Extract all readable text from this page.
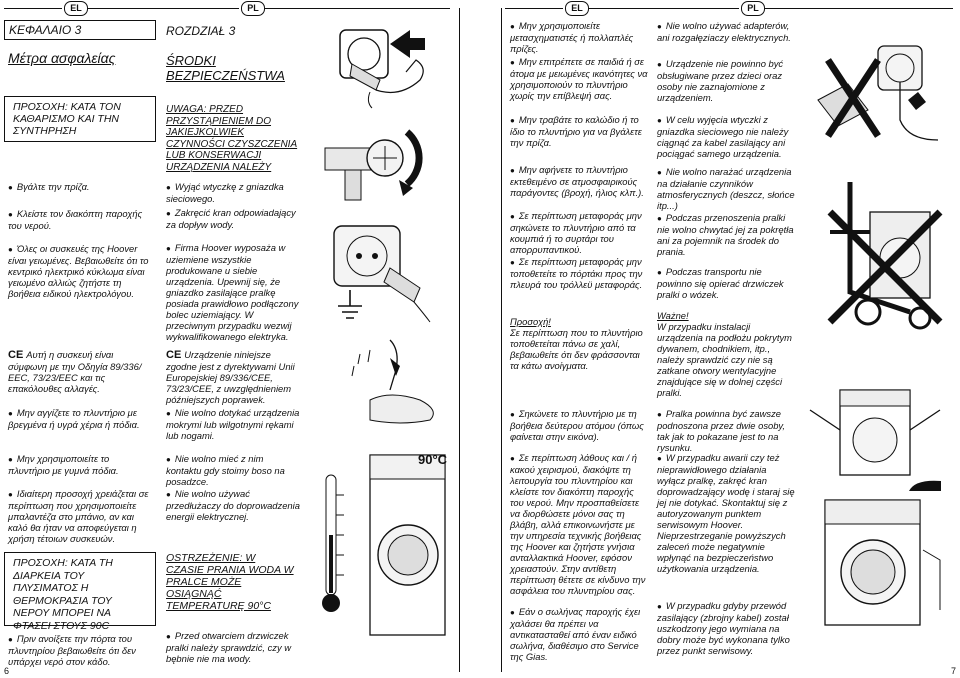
EL	PL	EL	PL
ΚΕΦΑΛΑΙΟ 3
Μέτρα ασφαλείας
ΠΡΟΣΟΧΗ: ΚΑΤΑ ΤΟΝ ΚΑΘΑΡΙΣΜΟ ΚΑΙ ΤΗΝ ΣΥΝΤΗΡΗΣΗ
● Βγάλτε την πρίζα.
● Κλείστε τον διακόπτη παροχής του νερού.
● Όλες οι συσκευές της Hoover είναι γειωμένες. Βεβαιωθείτε ότι το κεντρικό ηλεκτρικό κύκλωμα είναι γειωμένο αλλιώς ζητήστε τη βοήθεια ειδικού ηλεκτρολόγου.
CE Αυτή η συσκευή είναι σύμφωνη με την Οδηγία 89/336/ΕΕC, 73/23/ΕΕC και τις επακόλουθες αλλαγές.
● Μην αγγίζετε το πλυντήριο με βρεγμένα ή υγρά χέρια ή πόδια.
● Μην χρησιμοποιείτε το πλυντήριο με γυμνά πόδια.
● Ιδιαίτερη προσοχή χρειάζεται σε περίπτωση που χρησιμοποιείτε μπαλαντέζα στο μπάνιο, αν και καλό θα ήταν να αποφεύγεται η χρήση τέτοιων συσκευών.
ΠΡΟΣΟΧΗ: ΚΑΤΑ ΤΗ ΔΙΑΡΚΕΙΑ ΤΟΥ ΠΛΥΣΙΜΑΤΟΣ Η ΘΕΡΜΟΚΡΑΣΙΑ ΤΟΥ ΝΕΡΟΥ ΜΠΟΡΕΙ ΝΑ ΦΤΑΣΕΙ ΣΤΟΥΣ 90C
● Πριν ανοίξετε την πόρτα του πλυντηρίου βεβαιωθείτε ότι δεν υπάρχει νερό στον κάδο.
ROZDZIAŁ 3
ŚRODKI BEZPIECZEŃSTWA
UWAGA: PRZED PRZYSTĄPIENIEM DO JAKIEJKOLWIEK CZYNNOŚCI CZYSZCZENIA LUB KONSERWACJI URZĄDZENIA NALEŻY
● Wyjąć wtyczkę z gniazdka sieciowego.
● Zakręcić kran odpowiadający za dopływ wody.
● Firma Hoover wyposaża w uziemiene wszystkie produkowane u siebie urządzenia. Upewnij się, że gniazdko zasilające pralkę posiada prawidłowo podłączony bolec uziemiający. W przeciwnym przypadku wezwij wykwalifikowanego elektryka.
CE Urządzenie niniejsze zgodne jest z dyrektywami Unii Europejskiej 89/336/CEE, 73/23/CEE, z uwzględnieniem późniejszych poprawek.
● Nie wolno dotykać urządzenia mokrymi lub wilgotnymi rękami lub nogami.
● Nie wolno mieć z nim kontaktu gdy stoimy boso na posadzce.
● Nie wolno używać przedłużaczy do doprowadzenia energii elektrycznej.
OSTRZEŻENIE: W CZASIE PRANIA WODA W PRALCE MOŻE OSIĄGNĄĆ TEMPERATURĘ 90°C
● Przed otwarciem drzwiczek pralki należy sprawdzić, czy w bębnie nie ma wody.
90°C
● Μην χρησιμοποιείτε μετασχηματιστές ή πολλαπλές πρίζες.
● Μην επιτρέπετε σε παιδιά ή σε άτομα με μειωμένες ικανότητες να χρησιμοποιούν το πλυντήριο χωρίς την επίβλεψή σας.
● Μην τραβάτε το καλώδιο ή το ίδιο το πλυντήριο για να βγάλετε την πρίζα.
● Μην αφήνετε το πλυντήριο εκτεθειμένο σε ατμοσφαιρικούς παράγοντες (βροχή, ήλιος κλπ.).
● Σε περίπτωση μεταφοράς μην σηκώνετε το πλυντήριο από τα κουμπιά ή το συρτάρι του απορρυπαντικού.
● Σε περίπτωση μεταφοράς μην τοποθετείτε το πόρτάκι προς την πλευρά του τρόλλεϋ μεταφοράς.

Προσοχή!

Σε περίπτωση που το πλυντήριο τοποθετείται πάνω σε χαλί, βεβαιωθείτε ότι δεν φράσσονται τα κάτω ανοίγματα.

● Σηκώνετε το πλυντήριο με τη βοήθεια δεύτερου ατόμου (όπως φαίνεται στην εικόνα).
● Σε περίπτωση λάθους και / ή κακού χειρισμού, διακόψτε τη λειτουργία του πλυντηρίου και κλείστε τον διακόπτη παροχής του νερού. Μην προσπαθείσετε να διορθώσετε μόνοι σας τη βλάβη, αλλά επικοινωνήστε με την υπηρεσία τεχνικής βοήθειας της Hoover και ζητήστε γνήσια ανταλλακτικά Hoover, εφόσον χρειαστούν. Στην αντίθετη περίπτωση θέτετε σε κίνδυνο την ασφάλεια του πλυντηρίου σας.
● Εάν ο σωλήνας παροχής έχει χαλάσει θα πρέπει να αντικατασταθεί από έναν ειδικό σωλήνα, διαθέσιμο στο Service της Gias.
● Nie wolno używać adapterów, ani rozgałęziaczy elektrycznych.
● Urządzenie nie powinno być obsługiwane przez dzieci oraz osoby nie zaznajomione z urządzeniem.
● W celu wyjęcia wtyczki z gniazdka sieciowego nie należy ciągnąć za kabel zasilający ani pociągać samego urządzenia.
● Nie wolno narażać urządzenia na działanie czynników atmosferycznych (deszcz, słońce itp...)
● Podczas przenoszenia pralki nie wolno chwytać jej za pokrętła ani za pojemnik na środek do prania.
● Podczas transportu nie powinno się opierać drzwiczek pralki o wózek.

Ważne!

W przypadku instalacji urządzenia na podłożu pokrytym dywanem, chodnikiem, itp., należy sprawdzić czy nie są zatkane otwory wentylacyjne znajdujące się w dolnej części pralki.

● Pralka powinna być zawsze podnoszona przez dwie osoby, tak jak to pokazane jest to na rysunku.
● W przypadku awarii czy też nieprawidłowego działania wyłącz pralkę, zakręć kran doprowadzający wodę i staraj się jej nie dotykać. Skontaktuj się z autoryzowanym punktem serwisowym Hoover. Nieprzestrzeganie powyższych zaleceń może negatywnie wpłynąć na bezpieczeństwo użytkowania urządzenia.
● W przypadku gdyby przewód zasilający (zbrojny kabel) został uszkodzony jego wymiana na dobry może być wykonana tylko przez punkt serwisowy.
6	7
